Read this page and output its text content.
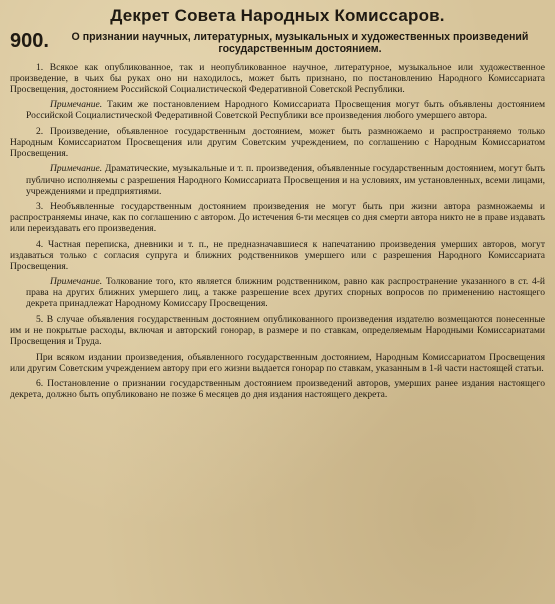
Декрет Совета Народных Комиссаров.
900.	О признании научных, литературных, музыкальных и художественных произведений государственным достоянием.

1. Всякое как опубликованное, так и неопубликованное научное, литературное, музыкальное или художественное произведение, в чьих бы руках оно ни находилось, может быть признано, по постановлению Народного Комиссариата Просвещения, достоянием Российской Социалистической Федеративной Советской Республики.

Примечание. Таким же постановлением Народного Комиссариата Просвещения могут быть объявлены достоянием Российской Социалистической Федеративной Советской Республики все произведения любого умершего автора.

2. Произведение, объявленное государственным достоянием, может быть размножаемо и распространяемо только Народным Комиссариатом Просвещения или другим Советским учреждением, по соглашению с Народным Комиссариатом Просвещения.

Примечание. Драматические, музыкальные и т. п. произведения, объявленные государственным достоянием, могут быть публично исполняемы с разрешения Народного Комиссариата Просвещения и на условиях, им установленных, всеми лицами, учреждениями и предприятиями.

3. Необъявленные государственным достоянием произведения не могут быть при жизни автора размножаемы и распространяемы иначе, как по соглашению с автором. До истечения 6-ти месяцев со дня смерти автора никто не в праве издавать или переиздавать его произведения.

4. Частная переписка, дневники и т. п., не предназначавшиеся к напечатанию произведения умерших авторов, могут издаваться только с согласия супруга и ближних родственников умершего или с разрешения Народного Комиссариата Просвещения.

Примечание. Толкование того, кто является ближним родственником, равно как распространение указанного в ст. 4-й права на других ближних умершего лиц, а также разрешение всех других спорных вопросов по применению настоящего декрета принадлежат Народному Комиссару Просвещения.

5. В случае объявления государственным достоянием опубликованного произведения издателю возмещаются понесенные им и не покрытые расходы, включая и авторский гонорар, в размере и по ставкам, определяемым Народными Комиссариатами Просвещения и Труда.

При всяком издании произведения, объявленного государственным достоянием, Народным Комиссариатом Просвещения или другим Советским учреждением автору при его жизни выдается гонорар по ставкам, указанным в 1-й части настоящей статьи.

6. Постановление о признании государственным достоянием произведений авторов, умерших ранее издания настоящего декрета, должно быть опубликовано не позже 6 месяцев до дня издания настоящего декрета.
